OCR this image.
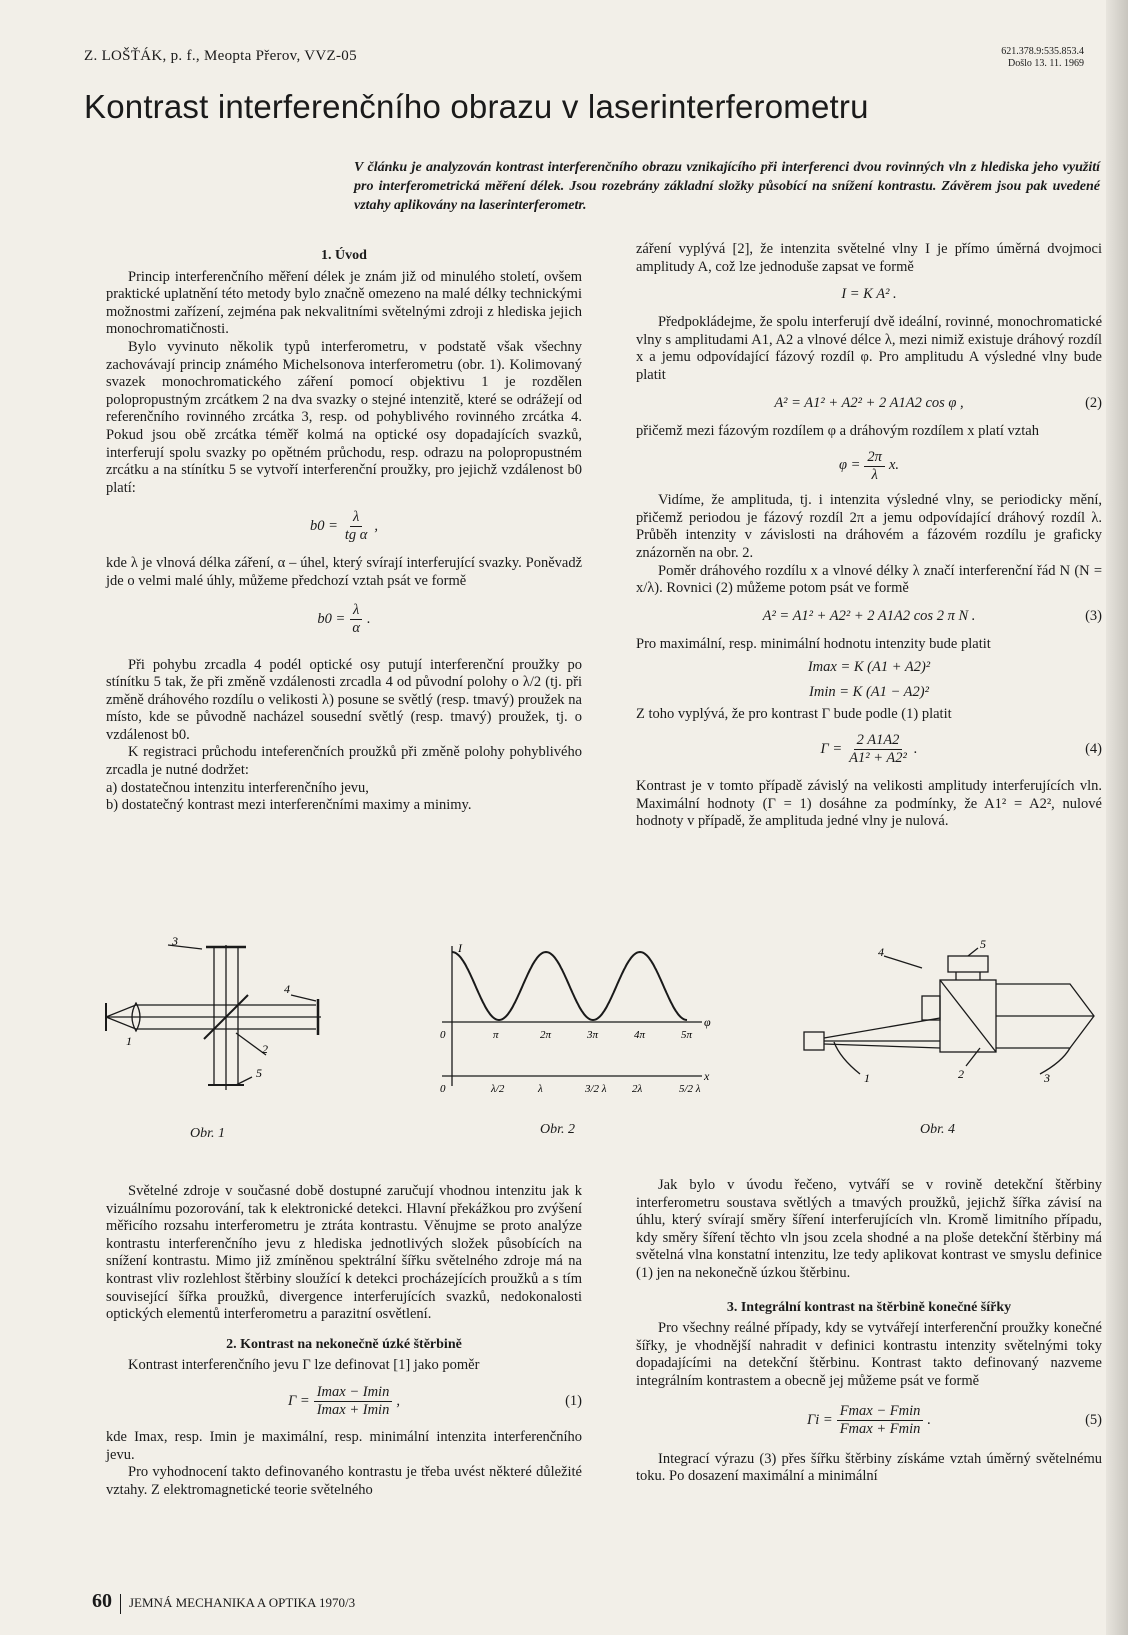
Z. LOŠŤÁK, p. f., Meopta Přerov, VVZ-05	621.378.9:535.853.4
Došlo 13. 11. 1969
Kontrast interferenčního obrazu v laserinterferometru
V článku je analyzován kontrast interferenčního obrazu vznikajícího při interferenci dvou rovinných vln z hlediska jeho využití pro interferometrická měření délek. Jsou rozebrány základní složky působící na snížení kontrastu. Závěrem jsou pak uvedené vztahy aplikovány na laserinterferometr.
1. Úvod

Princip interferenčního měření délek je znám již od minulého století, ovšem praktické uplatnění této metody bylo značně omezeno na malé délky technickými možnostmi zařízení, zejména pak nekvalitními světelnými zdroji z hlediska jejich monochromatičnosti.

Bylo vyvinuto několik typů interferometru, v podstatě však všechny zachovávají princip známého Michelsonova interferometru (obr. 1). Kolimovaný svazek monochromatického záření pomocí objektivu 1 je rozdělen polopropustným zrcátkem 2 na dva svazky o stejné intenzitě, které se odrážejí od referenčního rovinného zrcátka 3, resp. od pohyblivého rovinného zrcátka 4. Pokud jsou obě zrcátka téměř kolmá na optické osy dopadajících svazků, interferují spolu svazky po opětném průchodu, resp. odrazu na polopropustném zrcátku a na stínítku 5 se vytvoří interferenční proužky, pro jejichž vzdálenost b0 platí:

$b0 = \frac{\lambda}{\text{tg α}}$ ,

kde λ je vlnová délka záření, α – úhel, který svírají interferující svazky. Poněvadž jde o velmi malé úhly, můžeme předchozí vztah psát ve formě

$b0 = \frac{\lambda}{\alpha}$ .

Při pohybu zrcadla 4 podél optické osy putují interferenční proužky po stínítku 5 tak, že při změně vzdálenosti zrcadla 4 od původní polohy o λ/2 (tj. při změně dráhového rozdílu o velikosti λ) posune se světlý (resp. tmavý) proužek na místo, kde se původně nacházel sousední světlý (resp. tmavý) proužek, tj. o vzdálenost b0.

K registraci průchodu inteferenčních proužků při změně polohy pohyblivého zrcadla je nutné dodržet:

a) dostatečnou intenzitu interferenčního jevu,

b) dostatečný kontrast mezi interferenčními maximy a minimy.

záření vyplývá [2], že intenzita světelné vlny I je přímo úměrná dvojmoci amplitudy A, což lze jednoduše zapsat ve formě

I = K A² .

Předpokládejme, že spolu interferují dvě ideální, rovinné, monochromatické vlny s amplitudami A1, A2 a vlnové délce λ, mezi nimiž existuje dráhový rozdíl x a jemu odpovídající fázový rozdíl φ. Pro amplitudu A výsledné vlny bude platit

A² = A1² + A2² + 2 A1A2 cos φ ,	(2)

přičemž mezi fázovým rozdílem φ a dráhovým rozdílem x platí vztah

$\varphi = \frac{2\pi}{\lambda} x$.

Vidíme, že amplituda, tj. i intenzita výsledné vlny, se periodicky mění, přičemž periodou je fázový rozdíl 2π a jemu odpovídající dráhový rozdíl λ. Průběh intenzity v závislosti na dráhovém a fázovém rozdílu je graficky znázorněn na obr. 2.

Poměr dráhového rozdílu x a vlnové délky λ značí interferenční řád N (N = x/λ). Rovnici (2) můžeme potom psát ve formě

A² = A1² + A2² + 2 A1A2 cos 2 π N .	(3)

Pro maximální, resp. minimální hodnotu intenzity bude platit

Imax = K (A1 + A2)²
Imin = K (A1 − A2)²

Z toho vyplývá, že pro kontrast Γ bude podle (1) platit

$\Gamma = \frac{2 A1A2}{\text{A1² + A2²}}$ .	(4)

Kontrast je v tomto případě závislý na velikosti amplitudy interferujících vln. Maximální hodnoty (Γ = 1) dosáhne za podmínky, že A1² = A2², nulové hodnoty v případě, že amplituda jedné vlny je nulová.

3
4
1
2
5
Obr. 1
I
φ
x
0	π	2π	3π	4π	5π
0	λ/2	λ	3/2 λ 2λ	5/2 λ
Obr. 2
4
5
1	2	3
Obr. 4

Světelné zdroje v současné době dostupné zaručují vhodnou intenzitu jak k vizuálnímu pozorování, tak k elektronické detekci. Hlavní překážkou pro zvýšení měřicího rozsahu interferometru je ztráta kontrastu. Věnujme se proto analýze kontrastu interferenčního jevu z hlediska jednotlivých složek působících na snížení kontrastu. Mimo již zmíněnou spektrální šířku světelného zdroje má na kontrast vliv rozlehlost štěrbiny sloužící k detekci procházejících proužků a s tím související šířka proužků, divergence interferujících svazků, nedokonalosti optických elementů interferometru a parazitní osvětlení.

2. Kontrast na nekonečně úzké štěrbině

Kontrast interferenčního jevu Γ lze definovat [1] jako poměr

$\Gamma = \frac{Imax - Imin}{Imax + Imin}$ ,	(1)

kde Imax, resp. Imin je maximální, resp. minimální intenzita interferenčního jevu.

Pro vyhodnocení takto definovaného kontrastu je třeba uvést některé důležité vztahy. Z elektromagnetické teorie světelného

Jak bylo v úvodu řečeno, vytváří se v rovině detekční štěrbiny interferometru soustava světlých a tmavých proužků, jejichž šířka závisí na úhlu, který svírají směry šíření interferujících vln. Kromě limitního případu, kdy směry šíření těchto vln jsou zcela shodné a na ploše detekční štěrbiny má světelná vlna konstatní intenzitu, lze tedy aplikovat kontrast ve smyslu definice (1) jen na nekonečně úzkou štěrbinu.

3. Integrální kontrast na štěrbině konečné šířky

Pro všechny reálné případy, kdy se vytvářejí interferenční proužky konečné šířky, je vhodnější nahradit v definici kontrastu intenzity světelnými toky dopadajícími na detekční štěrbinu. Kontrast takto definovaný nazveme integrálním kontrastem a obecně jej můžeme psát ve formě

$\Gamma i = \frac{Fmax - Fmin}{Fmax + Fmin}$ .	(5)

Integrací výrazu (3) přes šířku štěrbiny získáme vztah úměrný světelnému toku. Po dosazení maximální a minimální

60 JEMNÁ MECHANIKA A OPTIKA 1970/3
